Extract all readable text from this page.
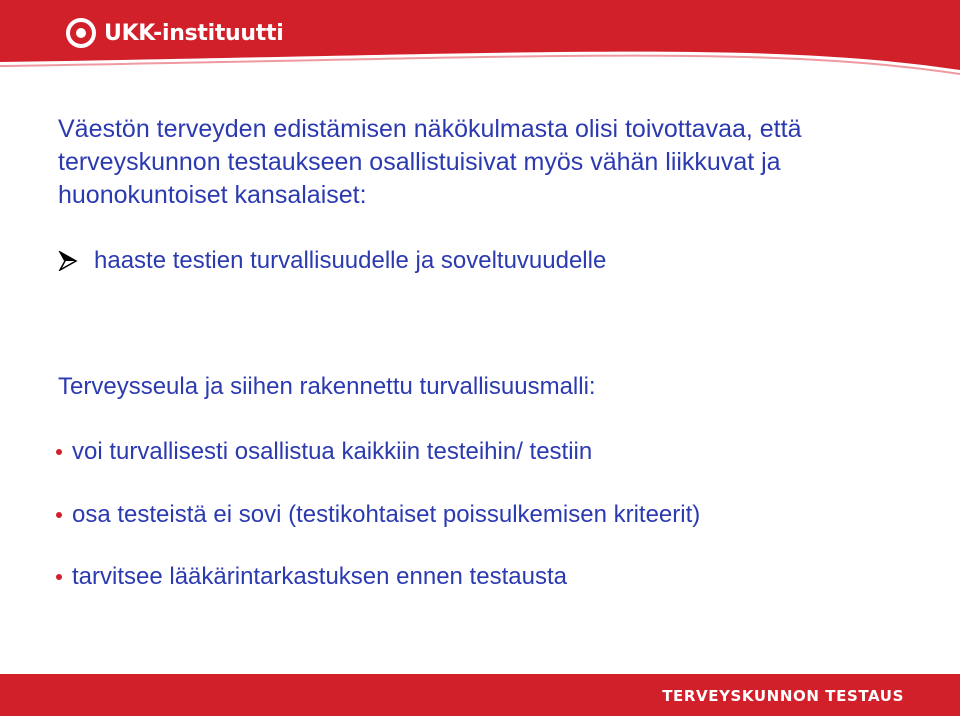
UKK-instituutti

Väestön terveyden edistämisen näkökulmasta olisi toivottavaa, että terveyskunnon testaukseen osallistuisivat myös vähän liikkuvat ja huonokuntoiset kansalaiset:

haaste testien turvallisuudelle ja soveltuvuudelle
Terveysseula ja siihen rakennettu turvallisuusmalli:
voi turvallisesti osallistua kaikkiin testeihin/ testiin
osa testeistä ei sovi (testikohtaiset poissulkemisen kriteerit)
tarvitsee lääkärintarkastuksen ennen testausta
TERVEYSKUNNON TESTAUS
